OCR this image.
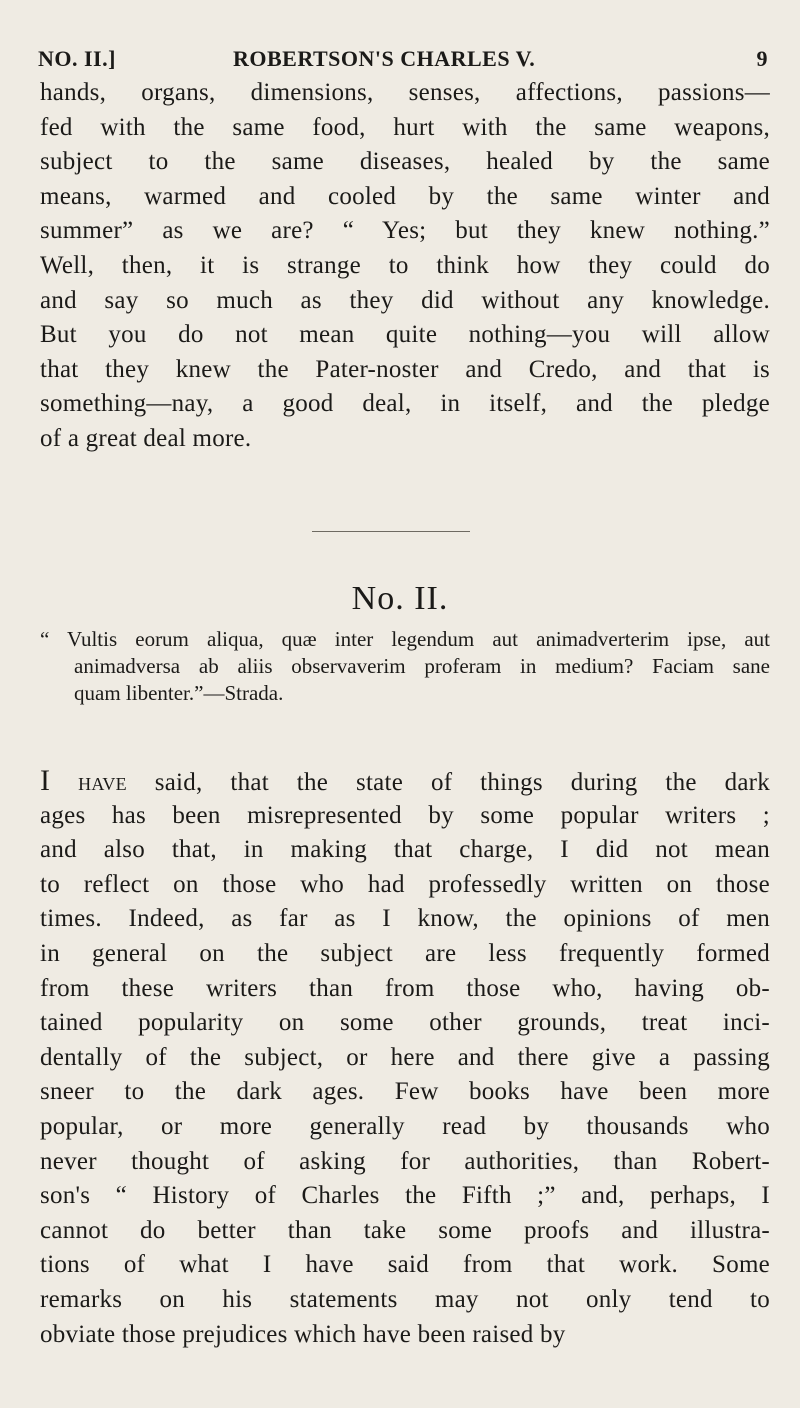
NO. II.]	ROBERTSON'S CHARLES V.	9
hands, organs, dimensions, senses, affections, passions—
fed with the same food, hurt with the same weapons,
subject to the same diseases, healed by the same
means, warmed and cooled by the same winter and
summer” as we are? “ Yes; but they knew nothing.”
Well, then, it is strange to think how they could do
and say so much as they did without any knowledge.
But you do not mean quite nothing—you will allow
that they knew the Pater-noster and Credo, and that is
something—nay, a good deal, in itself, and the pledge
of a great deal more.
No. II.
“ Vultis eorum aliqua, quæ inter legendum aut animadverterim ipse, aut
animadversa ab aliis observaverim proferam in medium? Faciam sane
quam libenter.”—Strada.
I have said, that the state of things during the dark
ages has been misrepresented by some popular writers ;
and also that, in making that charge, I did not mean
to reflect on those who had professedly written on those
times. Indeed, as far as I know, the opinions of men
in general on the subject are less frequently formed
from these writers than from those who, having ob-
tained popularity on some other grounds, treat inci-
dentally of the subject, or here and there give a passing
sneer to the dark ages. Few books have been more
popular, or more generally read by thousands who
never thought of asking for authorities, than Robert-
son's “ History of Charles the Fifth ;” and, perhaps, I
cannot do better than take some proofs and illustra-
tions of what I have said from that work. Some
remarks on his statements may not only tend to
obviate those prejudices which have been raised by
